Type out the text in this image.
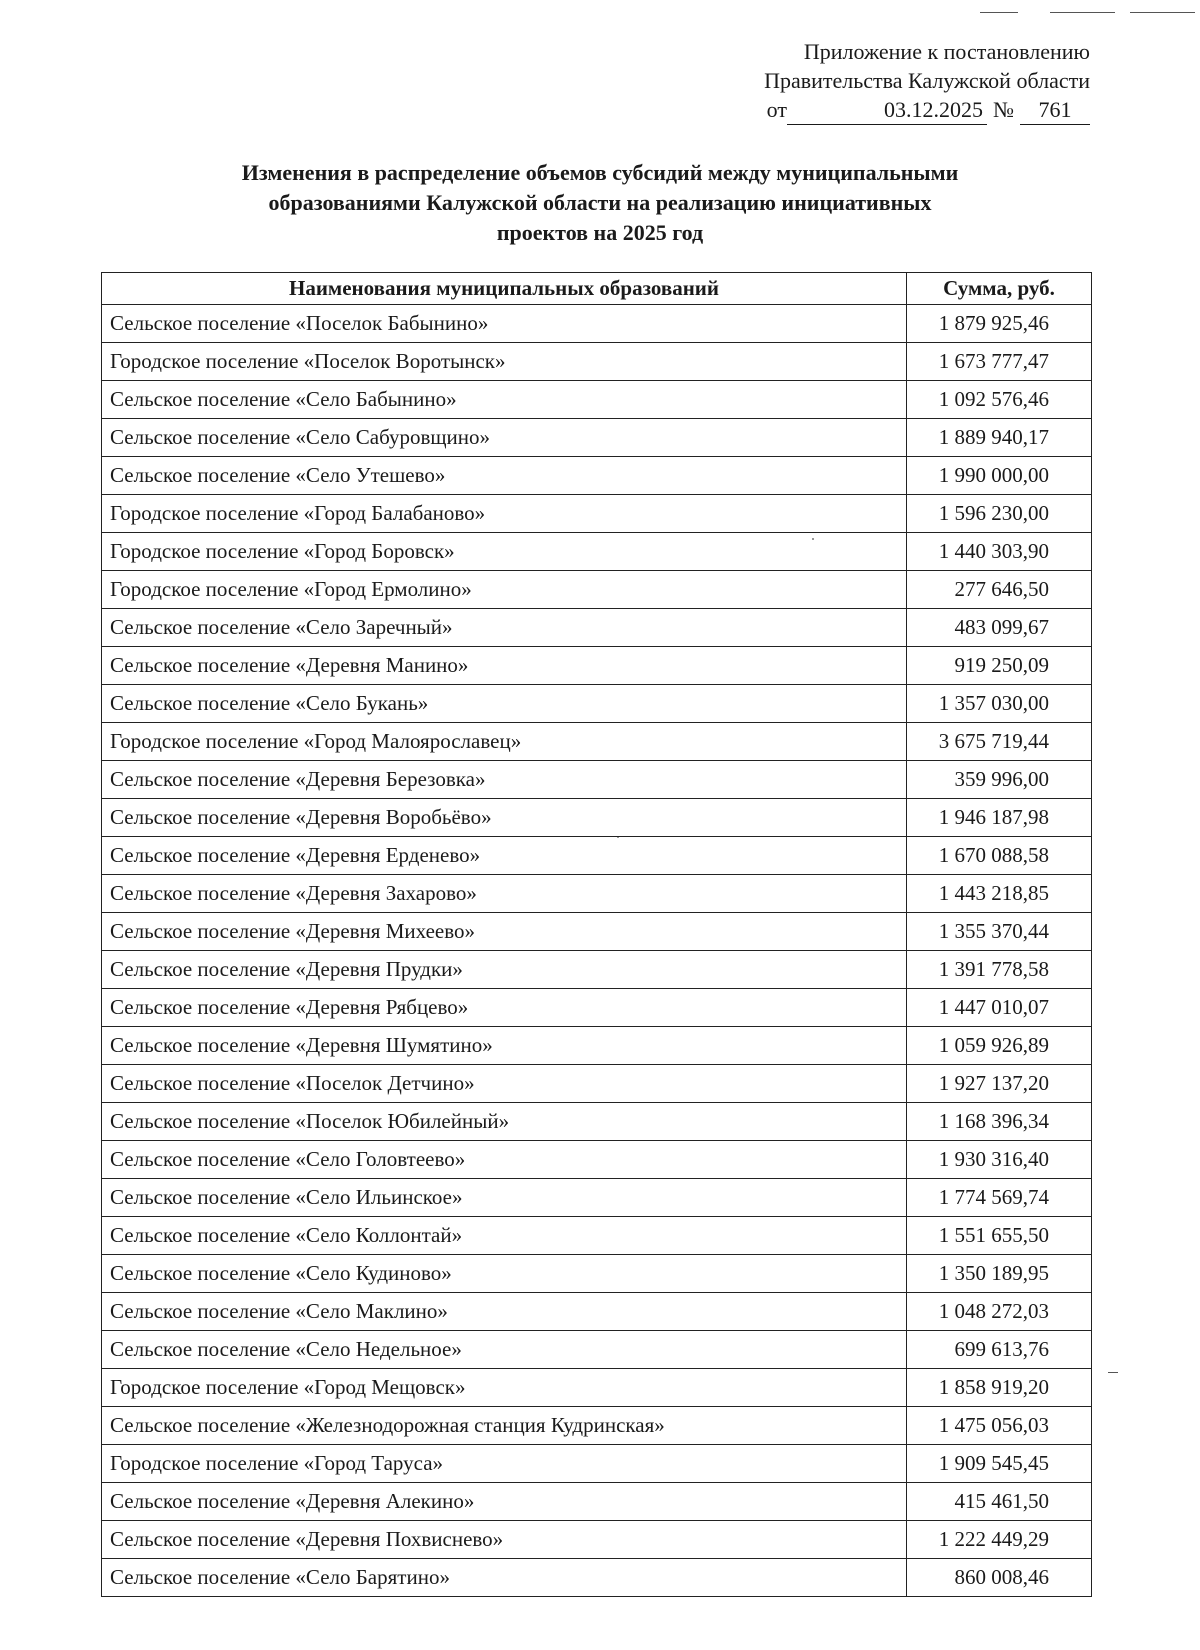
Приложение к постановлению
Правительства Калужской области
от	03.12.2025 №	761
Изменения в распределение объемов субсидий между муниципальными
образованиями Калужской области на реализацию инициативных
проектов на 2025 год
Наименования муниципальных образований	Сумма, руб.
Сельское поселение «Поселок Бабынино»	1 879 925,46
Городское поселение «Поселок Воротынск»	1 673 777,47
Сельское поселение «Село Бабынино»	1 092 576,46
Сельское поселение «Село Сабуровщино»	1 889 940,17
Сельское поселение «Село Утешево»	1 990 000,00
Городское поселение «Город Балабаново»	1 596 230,00
Городское поселение «Город Боровск»	1 440 303,90
Городское поселение «Город Ермолино»	277 646,50
Сельское поселение «Село Заречный»	483 099,67
Сельское поселение «Деревня Манино»	919 250,09
Сельское поселение «Село Букань»	1 357 030,00
Городское поселение «Город Малоярославец»	3 675 719,44
Сельское поселение «Деревня Березовка»	359 996,00
Сельское поселение «Деревня Воробьёво»	1 946 187,98
Сельское поселение «Деревня Ерденево»	1 670 088,58
Сельское поселение «Деревня Захарово»	1 443 218,85
Сельское поселение «Деревня Михеево»	1 355 370,44
Сельское поселение «Деревня Прудки»	1 391 778,58
Сельское поселение «Деревня Рябцево»	1 447 010,07
Сельское поселение «Деревня Шумятино»	1 059 926,89
Сельское поселение «Поселок Детчино»	1 927 137,20
Сельское поселение «Поселок Юбилейный»	1 168 396,34
Сельское поселение «Село Головтеево»	1 930 316,40
Сельское поселение «Село Ильинское»	1 774 569,74
Сельское поселение «Село Коллонтай»	1 551 655,50
Сельское поселение «Село Кудиново»	1 350 189,95
Сельское поселение «Село Маклино»	1 048 272,03
Сельское поселение «Село Недельное»	699 613,76
Городское поселение «Город Мещовск»	1 858 919,20
Сельское поселение «Железнодорожная станция Кудринская»	1 475 056,03
Городское поселение «Город Таруса»	1 909 545,45
Сельское поселение «Деревня Алекино»	415 461,50
Сельское поселение «Деревня Похвиснево»	1 222 449,29
Сельское поселение «Село Барятино»	860 008,46
